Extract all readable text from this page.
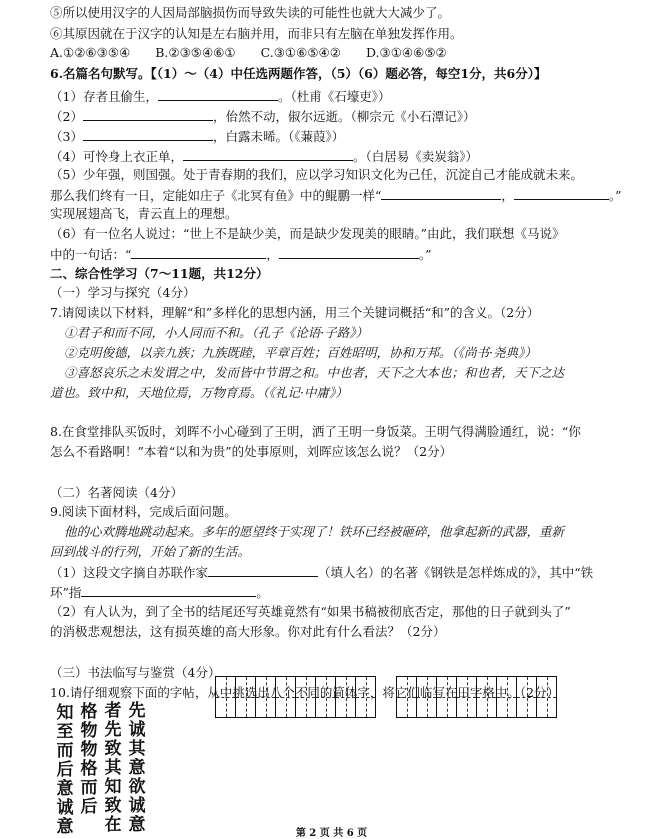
⑤所以使用汉字的人因局部脑损伤而导致失读的可能性也就大大减少了。
⑥其原因就在于汉字的认知是左右脑并用，而非只有左脑在单独发挥作用。
A.①②⑥③⑤④　　B.②③⑤④⑥①　　C.③①⑥⑤④②　　D.③①④⑥⑤②
6.名篇名句默写。【（1）～（4）中任选两题作答，（5）（6）题必答，每空1分，共6分）】
（1）存者且偷生，	。（杜甫《石壕吏》）
（2）	，佁然不动，俶尔远逝。（柳宗元《小石潭记》）
（3）	，白露未晞。（《蒹葭》）
（4）可怜身上衣正单，	。（白居易《卖炭翁》）
（5）少年强，则国强。处于青春期的我们，应以学习知识文化为己任，沉淀自己才能成就未来。
那么我们终有一日，定能如庄子《北冥有鱼》中的鲲鹏一样“	，	。”
实现展翅高飞，青云直上的理想。
（6）有一位名人说过：“世上不是缺少美，而是缺少发现美的眼睛。”由此，我们联想《马说》
中的一句话：“	，	。”
二、综合性学习（7～11题，共12分）
（一）学习与探究（4分）
7.请阅读以下材料，理解“和”多样化的思想内涵，用三个关键词概括“和”的含义。（2分）
①君子和而不同，小人同而不和。（孔子《论语·子路》）
②克明俊德，以亲九族；九族既睦，平章百姓；百姓昭明，协和万邦。（《尚书·尧典》）
③喜怒哀乐之未发谓之中，发而皆中节谓之和。中也者，天下之大本也；和也者，天下之达
道也。致中和，天地位焉，万物育焉。（《礼记·中庸》）
8.在食堂排队买饭时，刘晖不小心碰到了王明，洒了王明一身饭菜。王明气得满脸通红，说：“你
怎么不看路啊！”本着“以和为贵”的处事原则，刘晖应该怎么说？（2分）
（二）名著阅读（4分）
9.阅读下面材料，完成后面问题。
他的心欢腾地跳动起来。多年的愿望终于实现了！铁环已经被砸碎，他拿起新的武器，重新
回到战斗的行列，开始了新的生活。
（1）这段文字摘自苏联作家	（填人名）的名著《钢铁是怎样炼成的》，其中“铁
环”指	。
（2）有人认为，到了全书的结尾还写英雄竟然有“如果书稿被彻底否定，那他的日子就到头了”
的消极悲观想法，这有损英雄的高大形象。你对此有什么看法？（2分）
（三）书法临写与鉴赏（4分）
10.请仔细观察下面的字帖，从中挑选出八个不同的简体字，将它们临写在田字格中。（2分）
知
至
而
后
意
诚
意
格
物
物
格
而
后
者
先
致
其
知
致
在
先
诚
其
意
欲
诚
意	第 2 页 共 6 页
